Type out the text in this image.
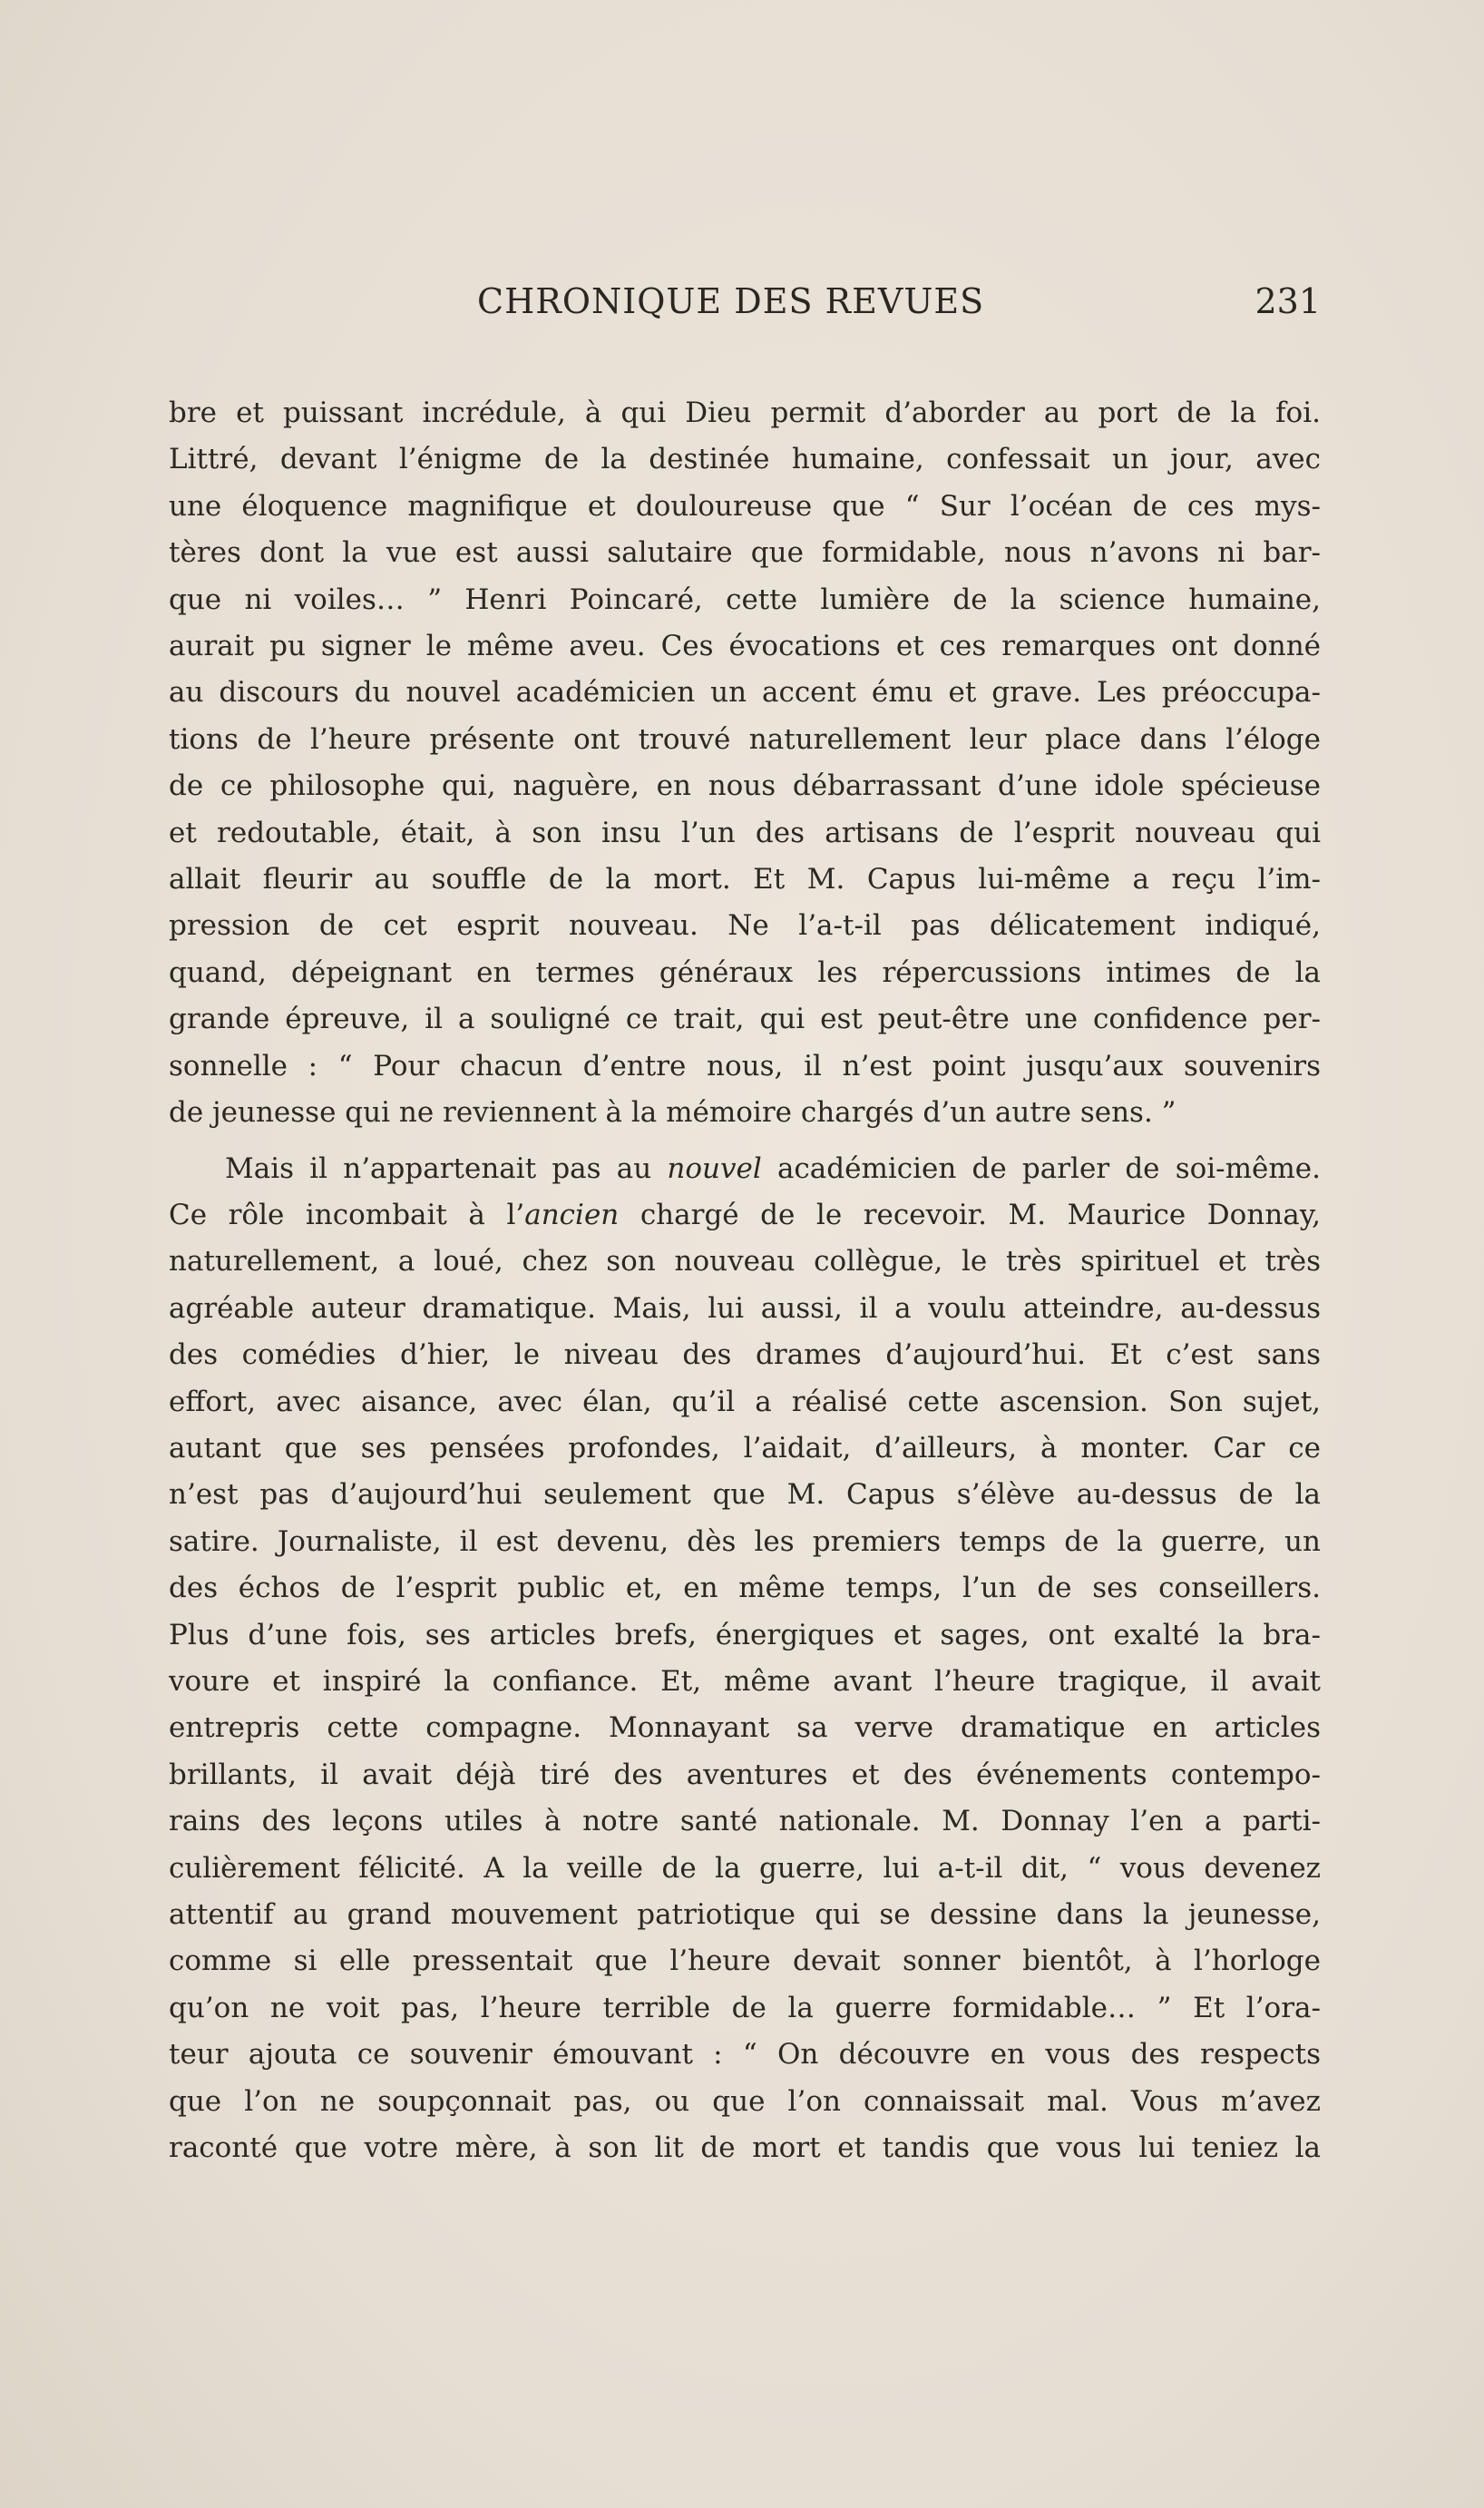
CHRONIQUE DES REVUES	231
bre et puissant incrédule, à qui Dieu permit d’aborder au port de la foi.
Littré, devant l’énigme de la destinée humaine, confessait un jour, avec
une éloquence magnifique et douloureuse que “ Sur l’océan de ces mys-
tères dont la vue est aussi salutaire que formidable, nous n’avons ni bar-
que ni voiles… ” Henri Poincaré, cette lumière de la science humaine,
aurait pu signer le même aveu. Ces évocations et ces remarques ont donné
au discours du nouvel académicien un accent ému et grave. Les préoccupa-
tions de l’heure présente ont trouvé naturellement leur place dans l’éloge
de ce philosophe qui, naguère, en nous débarrassant d’une idole spécieuse
et redoutable, était, à son insu l’un des artisans de l’esprit nouveau qui
allait fleurir au souffle de la mort. Et M. Capus lui-même a reçu l’im-
pression de cet esprit nouveau. Ne l’a-t-il pas délicatement indiqué,
quand, dépeignant en termes généraux les répercussions intimes de la
grande épreuve, il a souligné ce trait, qui est peut-être une confidence per-
sonnelle : “ Pour chacun d’entre nous, il n’est point jusqu’aux souvenirs
de jeunesse qui ne reviennent à la mémoire chargés d’un autre sens. ”
Mais il n’appartenait pas au nouvel académicien de parler de soi-même.
Ce rôle incombait à l’ancien chargé de le recevoir. M. Maurice Donnay,
naturellement, a loué, chez son nouveau collègue, le très spirituel et très
agréable auteur dramatique. Mais, lui aussi, il a voulu atteindre, au-dessus
des comédies d’hier, le niveau des drames d’aujourd’hui. Et c’est sans
effort, avec aisance, avec élan, qu’il a réalisé cette ascension. Son sujet,
autant que ses pensées profondes, l’aidait, d’ailleurs, à monter. Car ce
n’est pas d’aujourd’hui seulement que M. Capus s’élève au-dessus de la
satire. Journaliste, il est devenu, dès les premiers temps de la guerre, un
des échos de l’esprit public et, en même temps, l’un de ses conseillers.
Plus d’une fois, ses articles brefs, énergiques et sages, ont exalté la bra-
voure et inspiré la confiance. Et, même avant l’heure tragique, il avait
entrepris cette compagne. Monnayant sa verve dramatique en articles
brillants, il avait déjà tiré des aventures et des événements contempo-
rains des leçons utiles à notre santé nationale. M. Donnay l’en a parti-
culièrement félicité. A la veille de la guerre, lui a-t-il dit, “ vous devenez
attentif au grand mouvement patriotique qui se dessine dans la jeunesse,
comme si elle pressentait que l’heure devait sonner bientôt, à l’horloge
qu’on ne voit pas, l’heure terrible de la guerre formidable… ” Et l’ora-
teur ajouta ce souvenir émouvant : “ On découvre en vous des respects
que l’on ne soupçonnait pas, ou que l’on connaissait mal. Vous m’avez
raconté que votre mère, à son lit de mort et tandis que vous lui teniez la
